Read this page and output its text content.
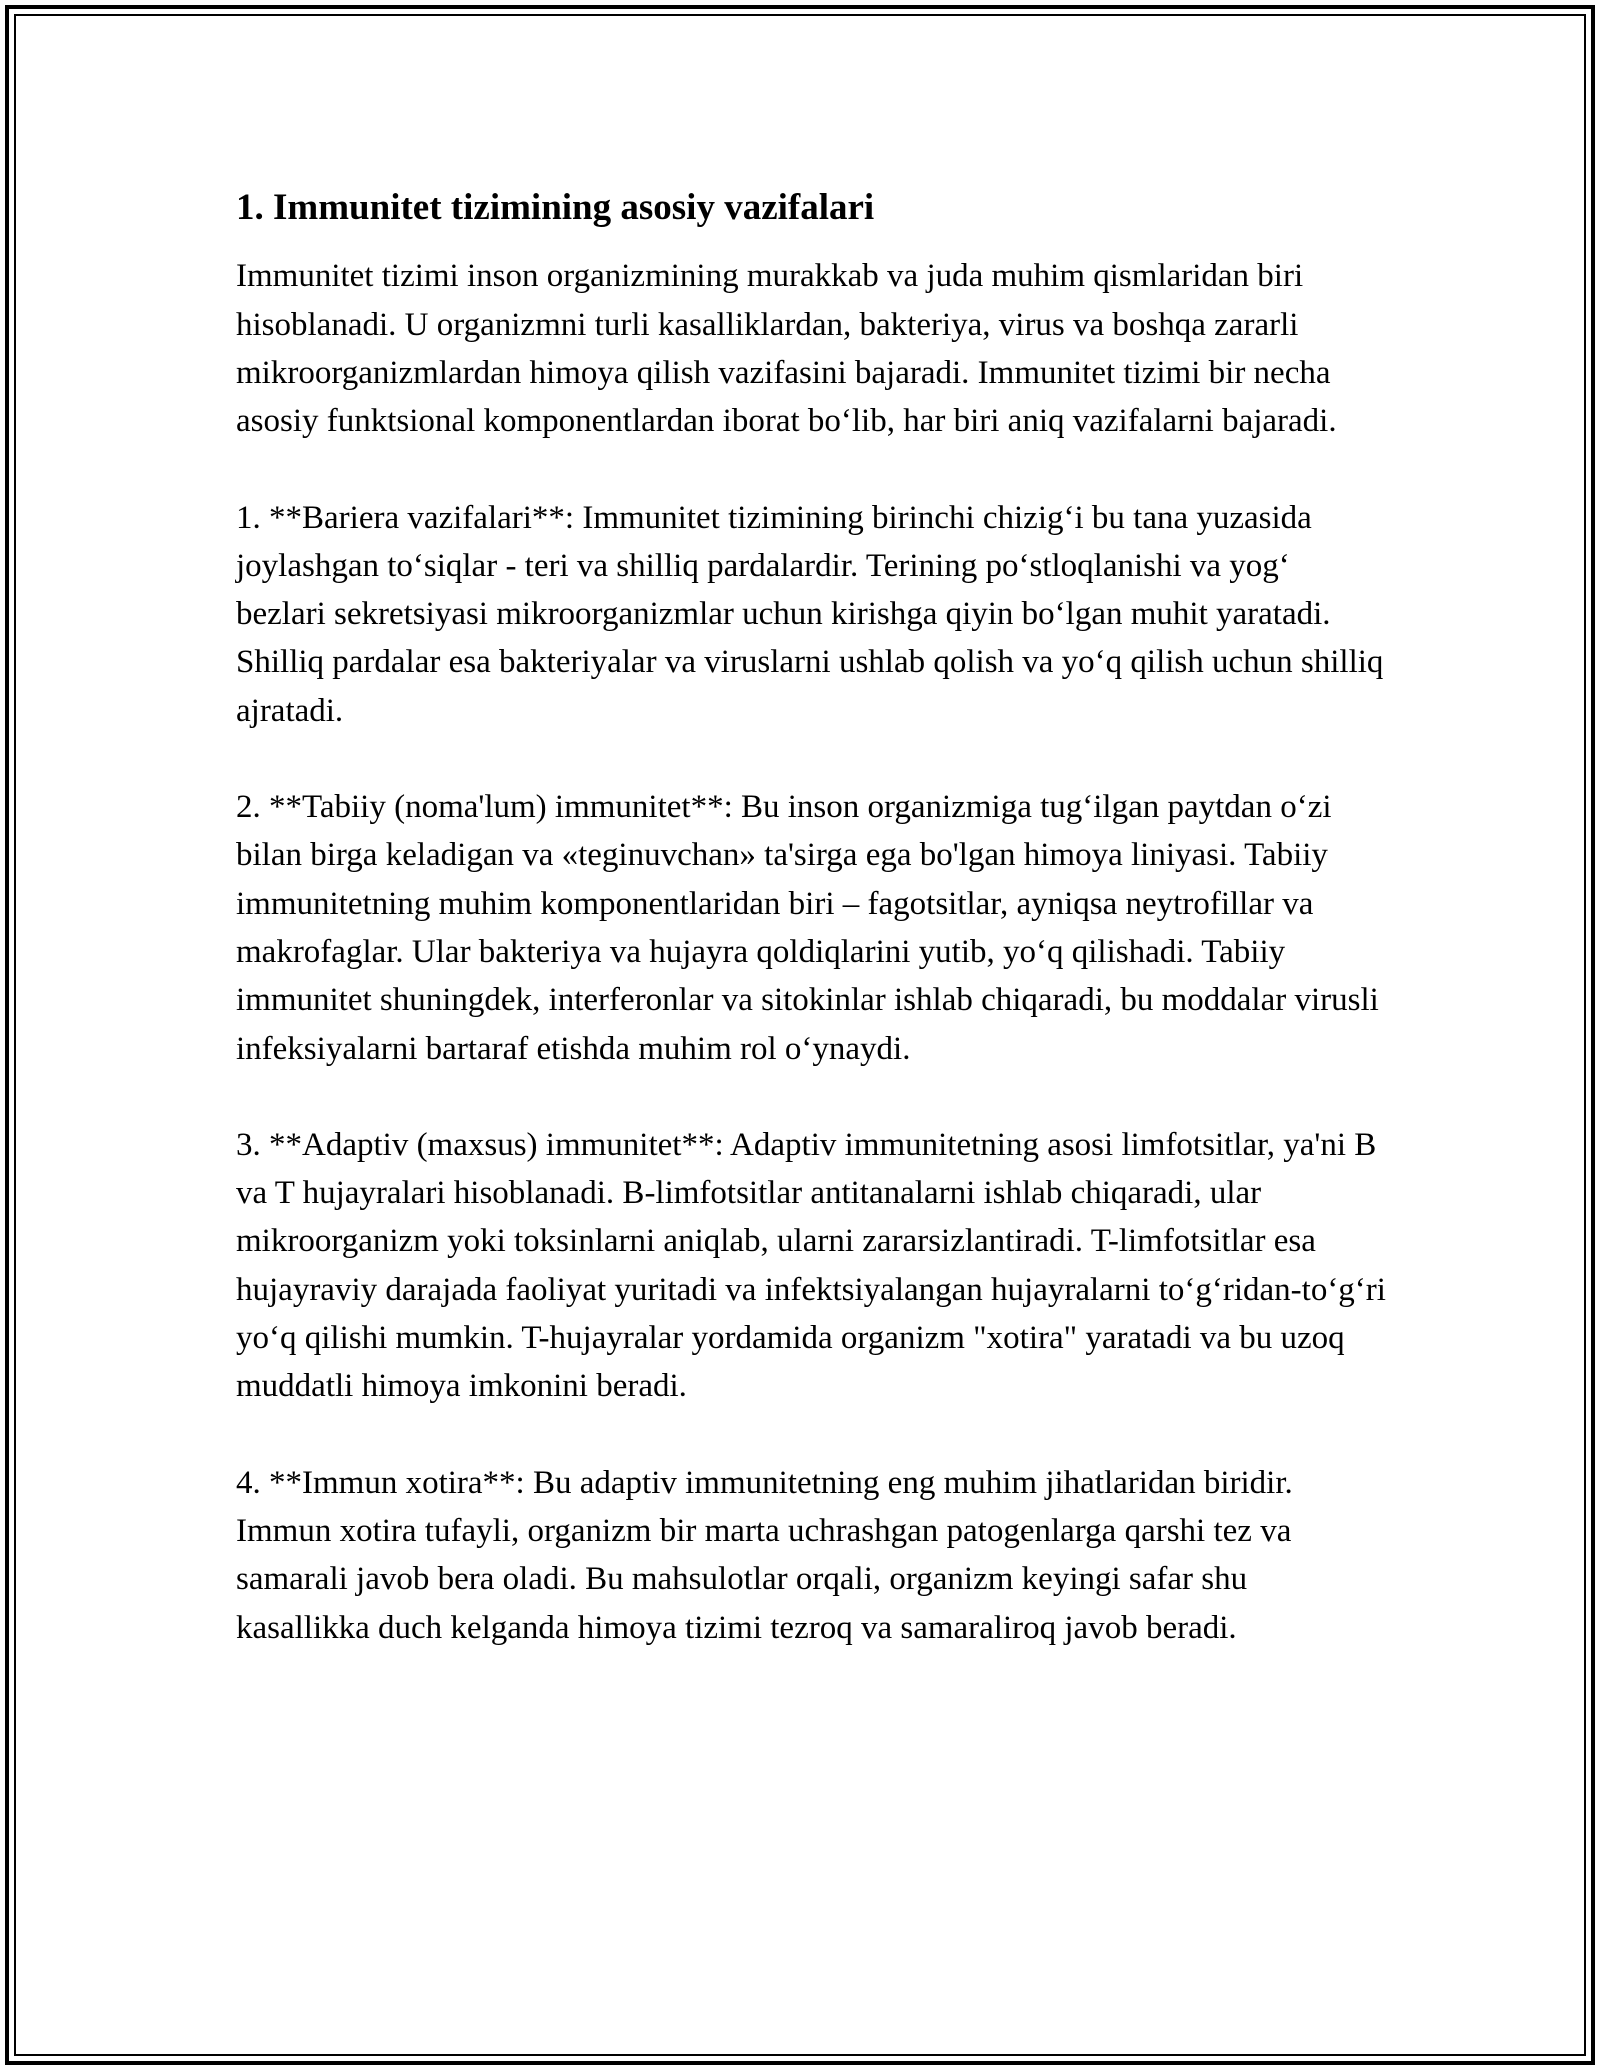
1. Immunitet tizimining asosiy vazifalari

Immunitet tizimi inson organizmining murakkab va juda muhim qismlaridan biri hisoblanadi. U organizmni turli kasalliklardan, bakteriya, virus va boshqa zararli mikroorganizmlardan himoya qilish vazifasini bajaradi. Immunitet tizimi bir necha asosiy funktsional komponentlardan iborat bo‘lib, har biri aniq vazifalarni bajaradi.

1. **Bariera vazifalari**: Immunitet tizimining birinchi chizig‘i bu tana yuzasida joylashgan to‘siqlar - teri va shilliq pardalardir. Terining po‘stloqlanishi va yog‘ bezlari sekretsiyasi mikroorganizmlar uchun kirishga qiyin bo‘lgan muhit yaratadi. Shilliq pardalar esa bakteriyalar va viruslarni ushlab qolish va yo‘q qilish uchun shilliq ajratadi.

2. **Tabiiy (noma'lum) immunitet**: Bu inson organizmiga tug‘ilgan paytdan o‘zi bilan birga keladigan va «teginuvchan» ta'sirga ega bo'lgan himoya liniyasi. Tabiiy immunitetning muhim komponentlaridan biri – fagotsitlar, ayniqsa neytrofillar va makrofaglar. Ular bakteriya va hujayra qoldiqlarini yutib, yo‘q qilishadi. Tabiiy immunitet shuningdek, interferonlar va sitokinlar ishlab chiqaradi, bu moddalar virusli infeksiyalarni bartaraf etishda muhim rol o‘ynaydi.

3. **Adaptiv (maxsus) immunitet**: Adaptiv immunitetning asosi limfotsitlar, ya'ni B va T hujayralari hisoblanadi. B-limfotsitlar antitanalarni ishlab chiqaradi, ular mikroorganizm yoki toksinlarni aniqlab, ularni zararsizlantiradi. T-limfotsitlar esa hujayraviy darajada faoliyat yuritadi va infektsiyalangan hujayralarni to‘g‘ridan-to‘g‘ri yo‘q qilishi mumkin. T-hujayralar yordamida organizm "xotira" yaratadi va bu uzoq muddatli himoya imkonini beradi.

4. **Immun xotira**: Bu adaptiv immunitetning eng muhim jihatlaridan biridir. Immun xotira tufayli, organizm bir marta uchrashgan patogenlarga qarshi tez va samarali javob bera oladi. Bu mahsulotlar orqali, organizm keyingi safar shu kasallikka duch kelganda himoya tizimi tezroq va samaraliroq javob beradi.
